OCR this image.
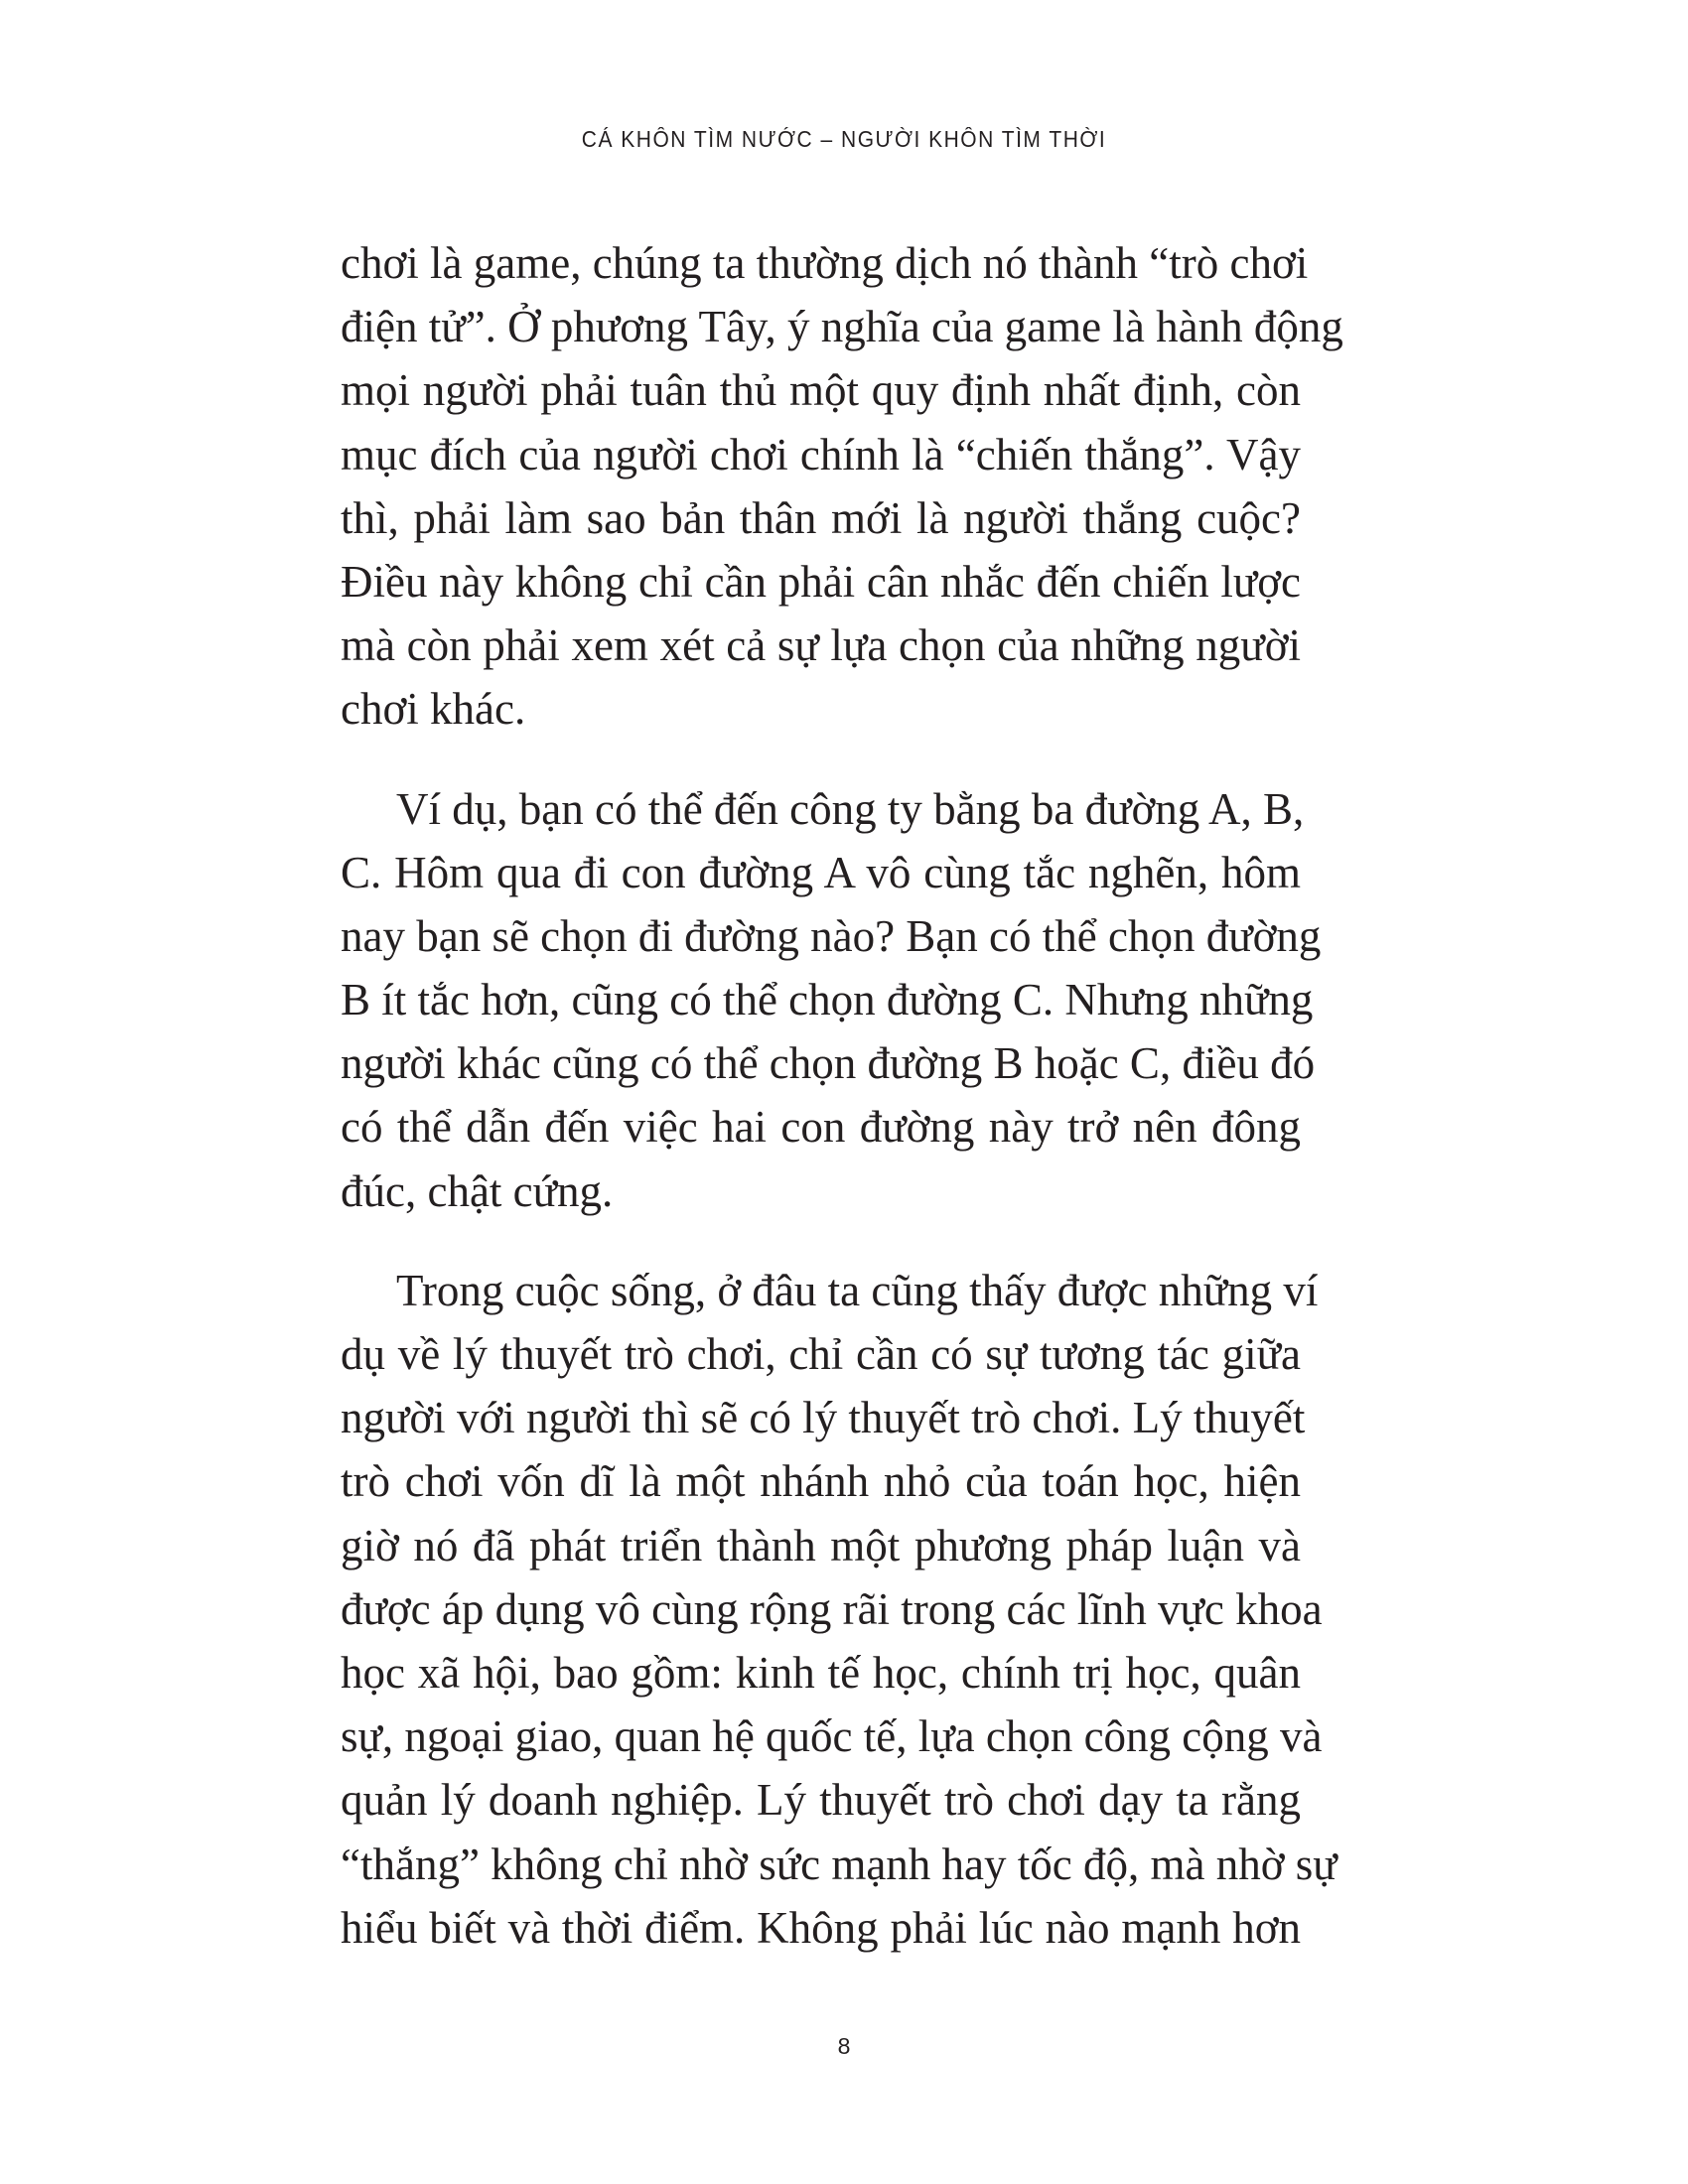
CÁ KHÔN TÌM NƯỚC – NGƯỜI KHÔN TÌM THỜI

chơi là game, chúng ta thường dịch nó thành “trò chơi
điện tử”. Ở phương Tây, ý nghĩa của game là hành động
mọi người phải tuân thủ một quy định nhất định, còn
mục đích của người chơi chính là “chiến thắng”. Vậy
thì, phải làm sao bản thân mới là người thắng cuộc?
Điều này không chỉ cần phải cân nhắc đến chiến lược
mà còn phải xem xét cả sự lựa chọn của những người
chơi khác.

Ví dụ, bạn có thể đến công ty bằng ba đường A, B,
C. Hôm qua đi con đường A vô cùng tắc nghẽn, hôm
nay bạn sẽ chọn đi đường nào? Bạn có thể chọn đường
B ít tắc hơn, cũng có thể chọn đường C. Nhưng những
người khác cũng có thể chọn đường B hoặc C, điều đó
có thể dẫn đến việc hai con đường này trở nên đông
đúc, chật cứng.

Trong cuộc sống, ở đâu ta cũng thấy được những ví
dụ về lý thuyết trò chơi, chỉ cần có sự tương tác giữa
người với người thì sẽ có lý thuyết trò chơi. Lý thuyết
trò chơi vốn dĩ là một nhánh nhỏ của toán học, hiện
giờ nó đã phát triển thành một phương pháp luận và
được áp dụng vô cùng rộng rãi trong các lĩnh vực khoa
học xã hội, bao gồm: kinh tế học, chính trị học, quân
sự, ngoại giao, quan hệ quốc tế, lựa chọn công cộng và
quản lý doanh nghiệp. Lý thuyết trò chơi dạy ta rằng
“thắng” không chỉ nhờ sức mạnh hay tốc độ, mà nhờ sự
hiểu biết và thời điểm. Không phải lúc nào mạnh hơn

8
